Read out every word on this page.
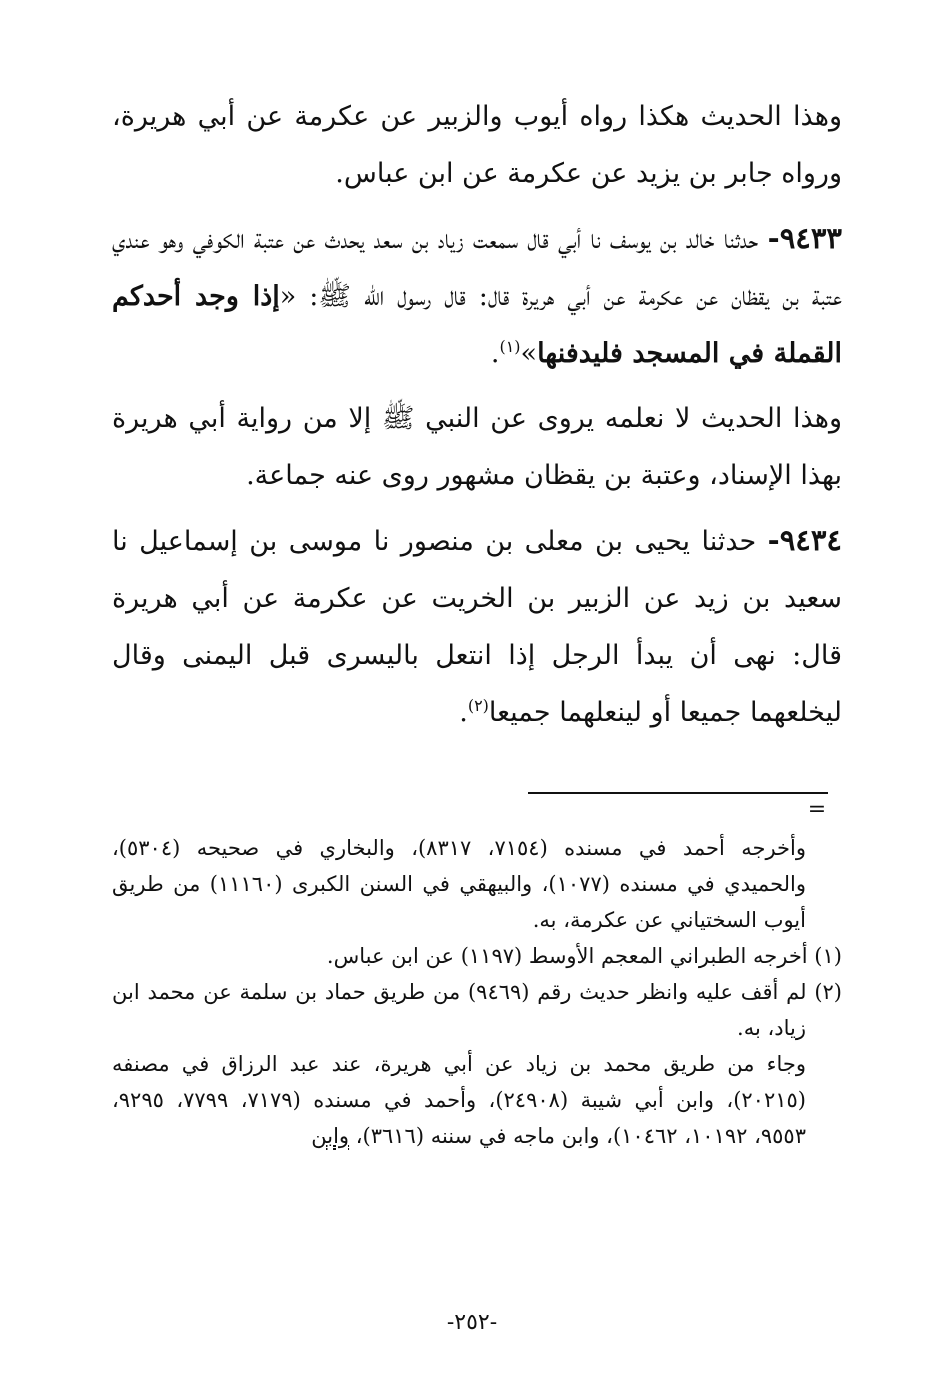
وهذا الحديث هكذا رواه أيوب والزبير عن عكرمة عن أبي هريرة، ورواه جابر بن يزيد عن عكرمة عن ابن عباس.

٩٤٣٣- حدثنا خالد بن يوسف نا أبي قال سمعت زياد بن سعد يحدث عن عتبة الكوفي وهو عندي عتبة بن يقظان عن عكرمة عن أبي هريرة قال: قال رسول الله ﷺ: «إذا وجد أحدكم القملة في المسجد فليدفنها»$^{(١)}$.

وهذا الحديث لا نعلمه يروى عن النبي ﷺ إلا من رواية أبي هريرة بهذا الإسناد، وعتبة بن يقظان مشهور روى عنه جماعة.

٩٤٣٤- حدثنا يحيى بن معلى بن منصور نا موسى بن إسماعيل نا سعيد بن زيد عن الزبير بن الخريت عن عكرمة عن أبي هريرة قال: نهى أن يبدأ الرجل إذا انتعل باليسرى قبل اليمنى وقال ليخلعهما جميعا أو لينعلهما جميعا$^{(٢)}$.

=

وأخرجه أحمد في مسنده (٧١٥٤، ٨٣١٧)، والبخاري في صحيحه (٥٣٠٤)، والحميدي في مسنده (١٠٧٧)، والبيهقي في السنن الكبرى (١١١٦٠) من طريق أيوب السختياني عن عكرمة، به.

(١) أخرجه الطبراني المعجم الأوسط (١١٩٧) عن ابن عباس.

(٢) لم أقف عليه وانظر حديث رقم (٩٤٦٩) من طريق حماد بن سلمة عن محمد ابن زياد، به.

وجاء من طريق محمد بن زياد عن أبي هريرة، عند عبد الرزاق في مصنفه (٢٠٢١٥)، وابن أبي شيبة (٢٤٩٠٨)، وأحمد في مسنده (٧١٧٩، ٧٧٩٩، ٩٢٩٥، ٩٥٥٣، ١٠١٩٢، ١٠٤٦٢)، وابن ماجه في سننه (٣٦١٦)، وابن

-٢٥٢-
